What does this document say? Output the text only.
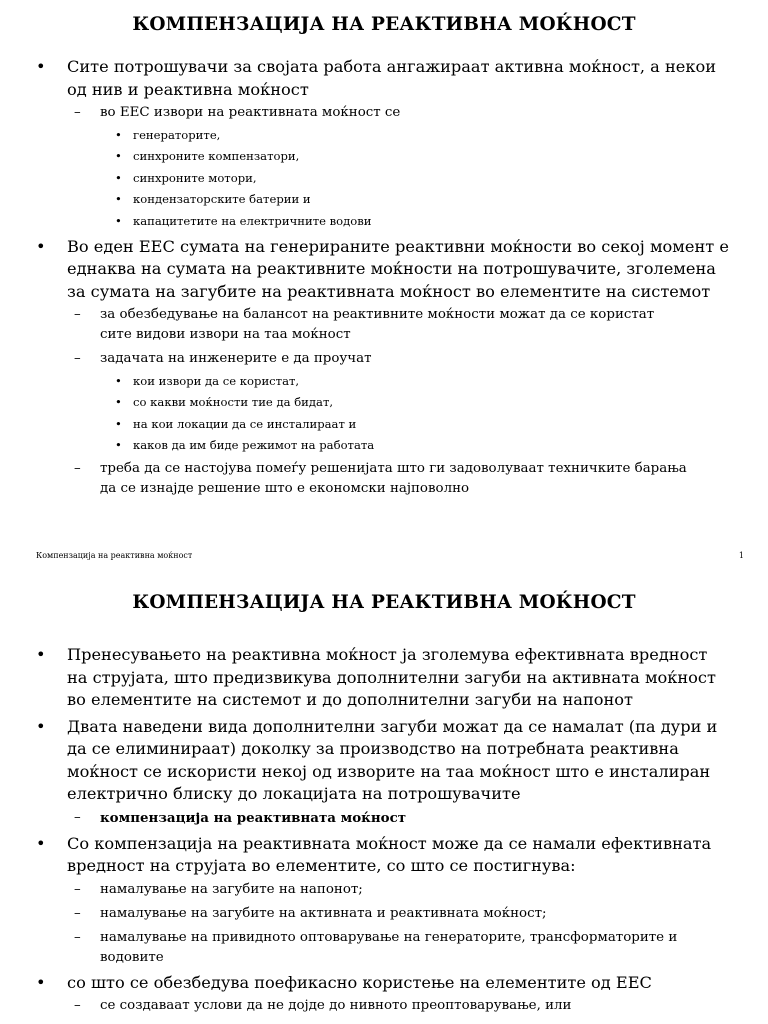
КОМПЕНЗАЦИЈА НА РЕАКТИВНА МОЌНОСТ
• Сите потрошувачи за својата работа ангажираат активна моќност, а некои од нив и реактивна моќност
– во ЕЕС извори на реактивната моќност се
• генераторите,
• синхроните компензатори,
• синхроните мотори,
• кондензаторските батерии и
• капацитетите на електричните водови
• Во еден ЕЕС сумата на генерираните реактивни моќности во секој момент е еднаква на сумата на реактивните моќности на потрошувачите, зголемена за сумата на загубите на реактивната моќност во елементите на системот
– за обезбедување на балансот на реактивните моќности можат да се користат сите видови извори на таа моќност
– задачата на инженерите е да проучат
• кои извори да се користат,
• со какви моќности тие да бидат,
• на кои локации да се инсталираат и
• каков да им биде режимот на работата
– треба да се настојува помеѓу решенијата што ги задоволуваат техничките барања да се изнајде решение што е економски најповолно
Компензација на реактивна моќност	1
КОМПЕНЗАЦИЈА НА РЕАКТИВНА МОЌНОСТ
• Пренесувањето на реактивна моќност ја зголемува ефективната вредност на струјата, што предизвикува дополнителни загуби на активната моќност во елементите на системот и до дополнителни загуби на напонот
• Двата наведени вида дополнителни загуби можат да се намалат (па дури и да се елиминираат) доколку за производство на потребната реактивна моќност се искористи некој од изворите на таа моќност што е инсталиран електрично блиску до локацијата на потрошувачите
– компензација на реактивната моќност
• Со компензација на реактивната моќност може да се намали ефективната вредност на струјата во елементите, со што се постигнува:
– намалување на загубите на напонот;
– намалување на загубите на активната и реактивната моќност;
– намалување на привидното оптоварување на генераторите, трансформаторите и водовите
• со што се обезбедува поефикасно користење на елементите од ЕЕС
– се создаваат услови да не дојде до нивното преоптоварување, или
